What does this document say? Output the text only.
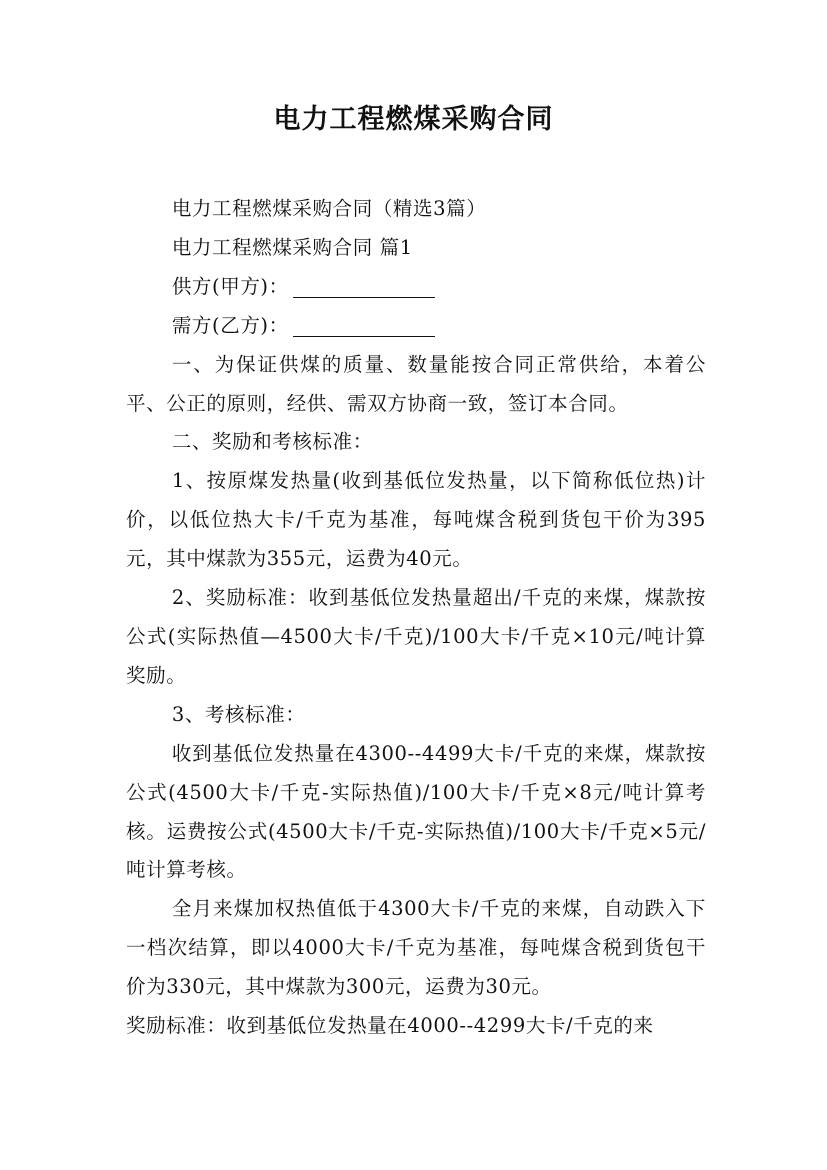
电力工程燃煤采购合同

电力工程燃煤采购合同（精选3篇）

电力工程燃煤采购合同 篇1

供方(甲方)：

需方(乙方)：

一、为保证供煤的质量、数量能按合同正常供给，本着公平、公正的原则，经供、需双方协商一致，签订本合同。

二、奖励和考核标准：

1、按原煤发热量(收到基低位发热量，以下简称低位热)计价，以低位热大卡/千克为基准，每吨煤含税到货包干价为395元，其中煤款为355元，运费为40元。

2、奖励标准：收到基低位发热量超出/千克的来煤，煤款按公式(实际热值—4500大卡/千克)/100大卡/千克×10元/吨计算奖励。

3、考核标准：

收到基低位发热量在4300--4499大卡/千克的来煤，煤款按公式(4500大卡/千克-实际热值)/100大卡/千克×8元/吨计算考核。运费按公式(4500大卡/千克-实际热值)/100大卡/千克×5元/吨计算考核。

全月来煤加权热值低于4300大卡/千克的来煤，自动跌入下一档次结算，即以4000大卡/千克为基准，每吨煤含税到货包干价为330元，其中煤款为300元，运费为30元。

奖励标准：收到基低位发热量在4000--4299大卡/千克的来
